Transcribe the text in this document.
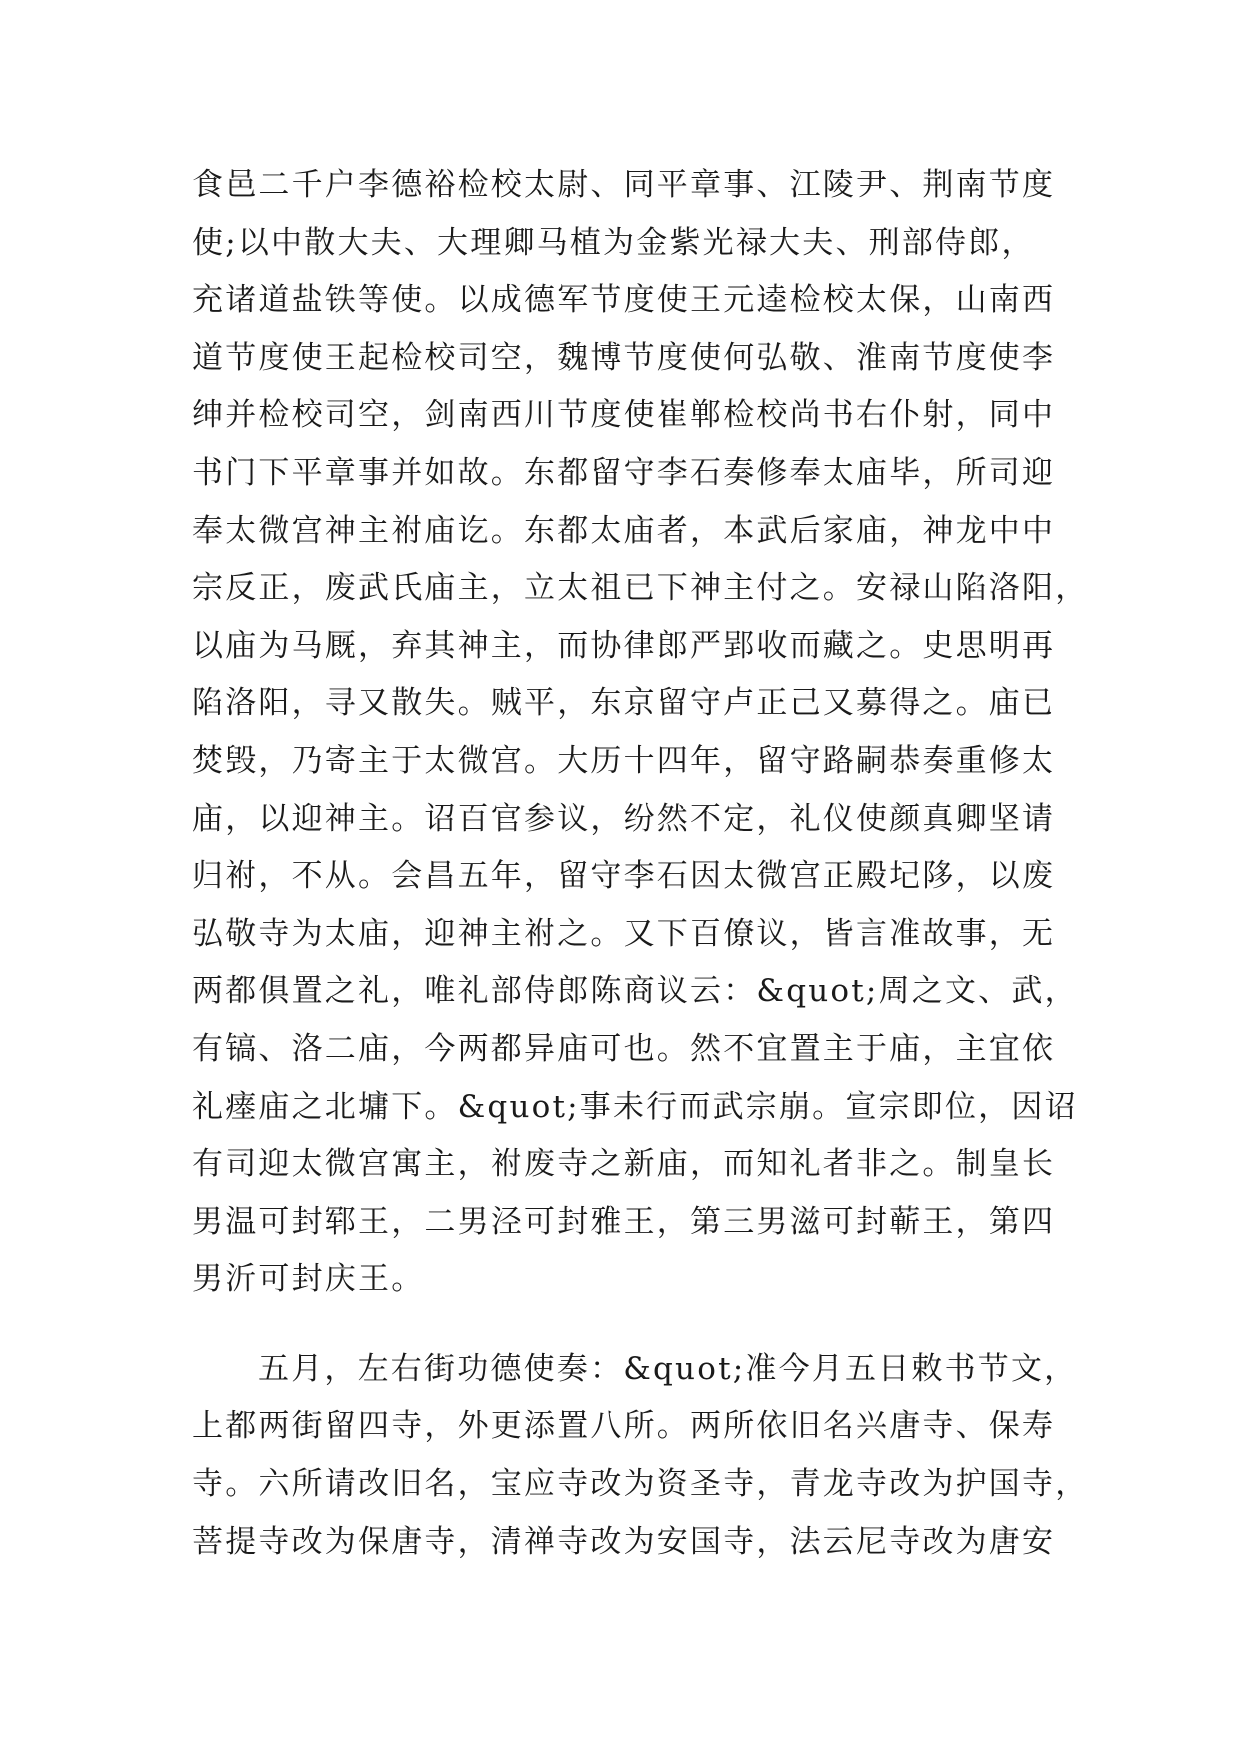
食邑二千户李德裕检校太尉、同平章事、江陵尹、荆南节度
使;以中散大夫、大理卿马植为金紫光禄大夫、刑部侍郎，
充诸道盐铁等使。以成德军节度使王元逵检校太保，山南西
道节度使王起检校司空，魏博节度使何弘敬、淮南节度使李
绅并检校司空，剑南西川节度使崔郸检校尚书右仆射，同中
书门下平章事并如故。东都留守李石奏修奉太庙毕，所司迎
奉太微宫神主祔庙讫。东都太庙者，本武后家庙，神龙中中
宗反正，废武氏庙主，立太祖已下神主付之。安禄山陷洛阳，
以庙为马厩，弃其神主，而协律郎严郢收而藏之。史思明再
陷洛阳，寻又散失。贼平，东京留守卢正己又募得之。庙已
焚毁，乃寄主于太微宫。大历十四年，留守路嗣恭奏重修太
庙，以迎神主。诏百官参议，纷然不定，礼仪使颜真卿坚请
归祔，不从。会昌五年，留守李石因太微宫正殿圮陊，以废
弘敬寺为太庙，迎神主祔之。又下百僚议，皆言准故事，无
两都俱置之礼，唯礼部侍郎陈商议云：&quot;周之文、武，
有镐、洛二庙，今两都异庙可也。然不宜置主于庙，主宜依
礼瘗庙之北墉下。&quot;事未行而武宗崩。宣宗即位，因诏
有司迎太微宫寓主，祔废寺之新庙，而知礼者非之。制皇长
男温可封郓王，二男泾可封雅王，第三男滋可封蕲王，第四
男沂可封庆王。
五月，左右街功德使奏：&quot;准今月五日敕书节文，
上都两街留四寺，外更添置八所。两所依旧名兴唐寺、保寿
寺。六所请改旧名，宝应寺改为资圣寺，青龙寺改为护国寺，
菩提寺改为保唐寺，清禅寺改为安国寺，法云尼寺改为唐安
